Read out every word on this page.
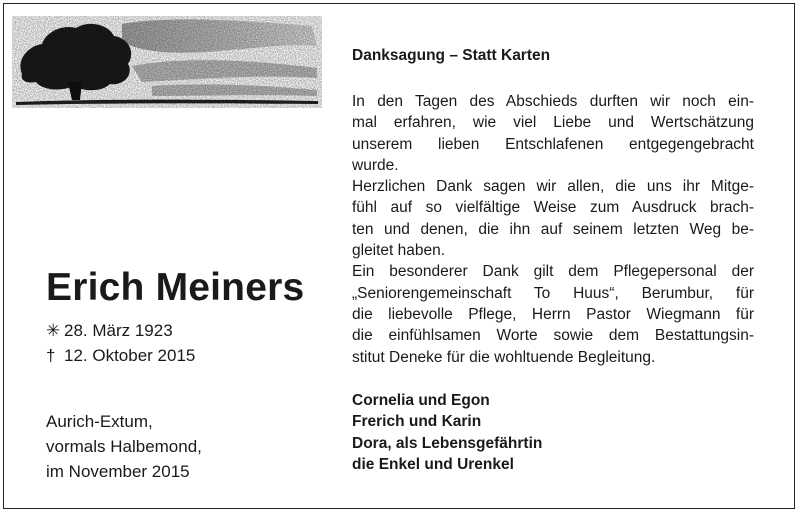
Erich Meiners
✳ 28. März 1923
† 12. Oktober 2015
Aurich-Extum,
vormals Halbemond,
im November 2015
Danksagung – Statt Karten
In den Tagen des Abschieds durften wir noch ein-
mal erfahren, wie viel Liebe und Wertschätzung
unserem lieben Entschlafenen entgegengebracht
wurde.
Herzlichen Dank sagen wir allen, die uns ihr Mitge-
fühl auf so vielfältige Weise zum Ausdruck brach-
ten und denen, die ihn auf seinem letzten Weg be-
gleitet haben.
Ein besonderer Dank gilt dem Pflegepersonal der
„Seniorengemeinschaft To Huus“, Berumbur, für
die liebevolle Pflege, Herrn Pastor Wiegmann für
die einfühlsamen Worte sowie dem Bestattungsin-
stitut Deneke für die wohltuende Begleitung.
Cornelia und Egon
Frerich und Karin
Dora, als Lebensgefährtin
die Enkel und Urenkel
